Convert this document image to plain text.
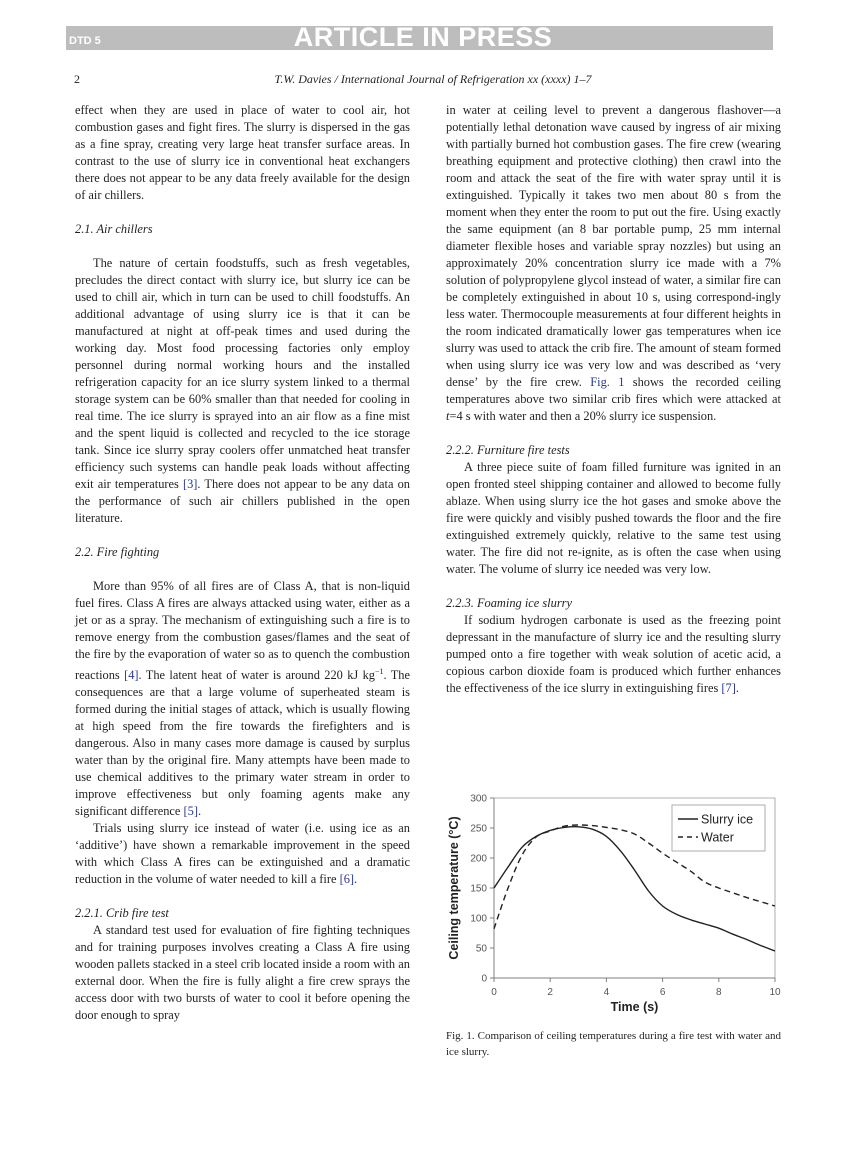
DTD 5	ARTICLE IN PRESS
2	T.W. Davies / International Journal of Refrigeration xx (xxxx) 1–7

effect when they are used in place of water to cool air, hot combustion gases and fight fires. The slurry is dispersed in the gas as a fine spray, creating very large heat transfer surface areas. In contrast to the use of slurry ice in conventional heat exchangers there does not appear to be any data freely available for the design of air chillers.

2.1. Air chillers

The nature of certain foodstuffs, such as fresh vegetables, precludes the direct contact with slurry ice, but slurry ice can be used to chill air, which in turn can be used to chill foodstuffs. An additional advantage of using slurry ice is that it can be manufactured at night at off-peak times and used during the working day. Most food processing factories only employ personnel during normal working hours and the installed refrigeration capacity for an ice slurry system linked to a thermal storage system can be 60% smaller than that needed for cooling in real time. The ice slurry is sprayed into an air flow as a fine mist and the spent liquid is collected and recycled to the ice storage tank. Since ice slurry spray coolers offer unmatched heat transfer efficiency such systems can handle peak loads without affecting exit air temperatures [3]. There does not appear to be any data on the performance of such air chillers published in the open literature.

2.2. Fire fighting

More than 95% of all fires are of Class A, that is non-liquid fuel fires. Class A fires are always attacked using water, either as a jet or as a spray. The mechanism of extinguishing such a fire is to remove energy from the combustion gases/flames and the seat of the fire by the evaporation of water so as to quench the combustion reactions [4]. The latent heat of water is around 220 kJ $kg^{-1}$. The consequences are that a large volume of superheated steam is formed during the initial stages of attack, which is usually flowing at high speed from the fire towards the firefighters and is dangerous. Also in many cases more damage is caused by surplus water than by the original fire. Many attempts have been made to use chemical additives to the primary water stream in order to improve effectiveness but only foaming agents make any significant difference [5].

Trials using slurry ice instead of water (i.e. using ice as an ‘additive’) have shown a remarkable improvement in the speed with which Class A fires can be extinguished and a dramatic reduction in the volume of water needed to kill a fire [6].

2.2.1. Crib fire test

A standard test used for evaluation of fire fighting techniques and for training purposes involves creating a Class A fire using wooden pallets stacked in a steel crib located inside a room with an external door. When the fire is fully alight a fire crew sprays the access door with two bursts of water to cool it before opening the door enough to spray

in water at ceiling level to prevent a dangerous flashover—a potentially lethal detonation wave caused by ingress of air mixing with partially burned hot combustion gases. The fire crew (wearing breathing equipment and protective clothing) then crawl into the room and attack the seat of the fire with water spray until it is extinguished. Typically it takes two men about 80 s from the moment when they enter the room to put out the fire. Using exactly the same equipment (an 8 bar portable pump, 25 mm internal diameter flexible hoses and variable spray nozzles) but using an approximately 20% concentration slurry ice made with a 7% solution of polypropylene glycol instead of water, a similar fire can be completely extinguished in about 10 s, using correspond-ingly less water. Thermocouple measurements at four different heights in the room indicated dramatically lower gas temperatures when ice slurry was used to attack the crib fire. The amount of steam formed when using slurry ice was very low and was described as ‘very dense’ by the fire crew. Fig. 1 shows the recorded ceiling temperatures above two similar crib fires which were attacked at t=4 s with water and then a 20% slurry ice suspension.

2.2.2. Furniture fire tests

A three piece suite of foam filled furniture was ignited in an open fronted steel shipping container and allowed to become fully ablaze. When using slurry ice the hot gases and smoke above the fire were quickly and visibly pushed towards the floor and the fire extinguished extremely quickly, relative to the same test using water. The fire did not re-ignite, as is often the case when using water. The volume of slurry ice needed was very low.

2.2.3. Foaming ice slurry

If sodium hydrogen carbonate is used as the freezing point depressant in the manufacture of slurry ice and the resulting slurry pumped onto a fire together with weak solution of acetic acid, a copious carbon dioxide foam is produced which further enhances the effectiveness of the ice slurry in extinguishing fires [7].

0
50
100
150
200
250
300
0	2	4	6	8	10
Time (s)
Ceiling temperature (°C)	Slurry ice
Water
Fig. 1. Comparison of ceiling temperatures during a fire test with water and ice slurry.
